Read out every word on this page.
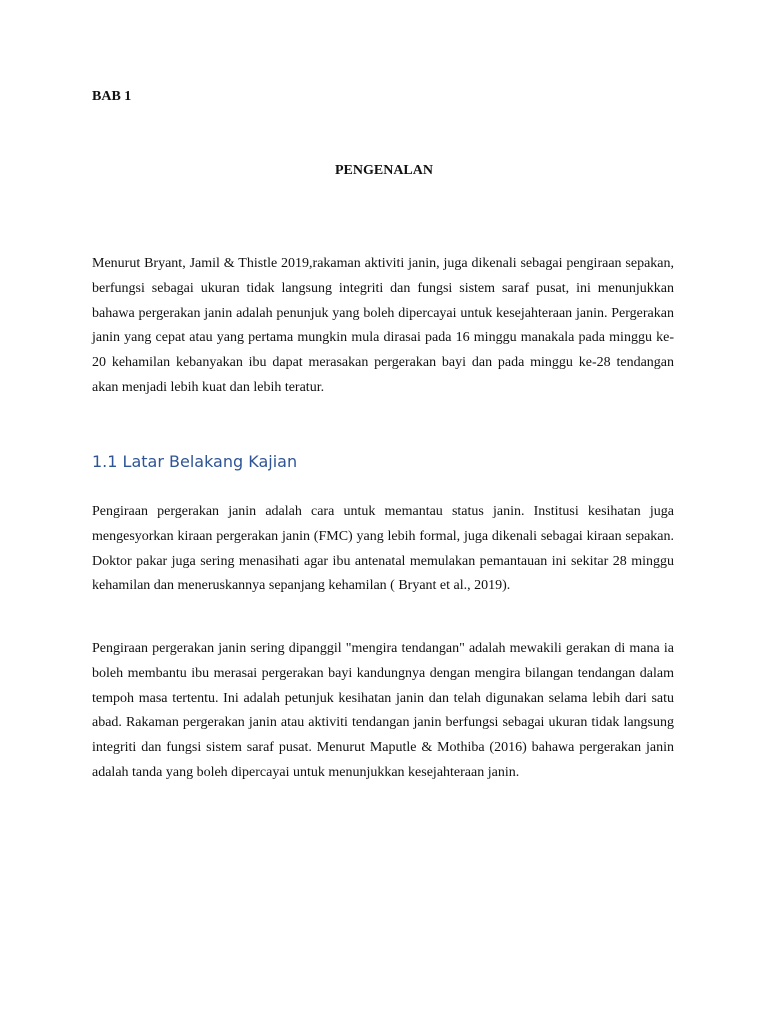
BAB 1

PENGENALAN

Menurut Bryant, Jamil & Thistle 2019,rakaman aktiviti janin, juga dikenali sebagai pengiraan sepakan, berfungsi sebagai ukuran tidak langsung integriti dan fungsi sistem saraf pusat, ini menunjukkan bahawa pergerakan janin adalah penunjuk yang boleh dipercayai untuk kesejahteraan janin. Pergerakan janin yang cepat atau yang pertama mungkin mula dirasai pada 16 minggu manakala pada minggu ke-20 kehamilan kebanyakan ibu dapat merasakan pergerakan bayi dan pada minggu ke-28 tendangan akan menjadi lebih kuat dan lebih teratur.

1.1 Latar Belakang Kajian

Pengiraan pergerakan janin adalah cara untuk memantau status janin. Institusi kesihatan juga mengesyorkan kiraan pergerakan janin (FMC) yang lebih formal, juga dikenali sebagai kiraan sepakan. Doktor pakar juga sering menasihati agar ibu antenatal memulakan pemantauan ini sekitar 28 minggu kehamilan dan meneruskannya sepanjang kehamilan ( Bryant et al., 2019).

Pengiraan pergerakan janin sering dipanggil "mengira tendangan" adalah mewakili gerakan di mana ia boleh membantu ibu merasai pergerakan bayi kandungnya dengan mengira bilangan tendangan dalam tempoh masa tertentu. Ini adalah petunjuk kesihatan janin dan telah digunakan selama lebih dari satu abad. Rakaman pergerakan janin atau aktiviti tendangan janin berfungsi sebagai ukuran tidak langsung integriti dan fungsi sistem saraf pusat. Menurut Maputle & Mothiba (2016) bahawa pergerakan janin adalah tanda yang boleh dipercayai untuk menunjukkan kesejahteraan janin.
